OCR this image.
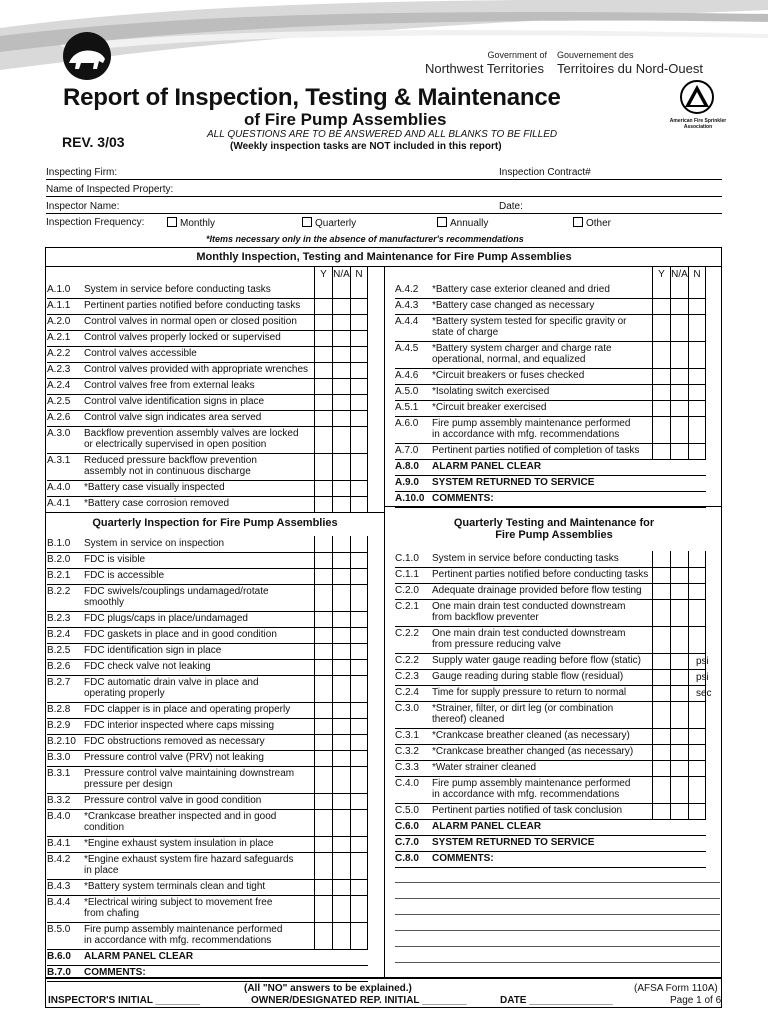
Government of
Northwest Territories
Gouvernement des
Territoires du Nord-Ouest
Report of Inspection, Testing & Maintenance
of Fire Pump Assemblies
REV. 3/03	ALL QUESTIONS ARE TO BE ANSWERED AND ALL BLANKS TO BE FILLED
(Weekly inspection tasks are NOT included in this report)
American Fire Sprinkler Association
Inspecting Firm:	Inspection Contract#
Name of Inspected Property:
Inspector Name:	Date:
Inspection Frequency:	Monthly	Quarterly	Annually	Other
*Items necessary only in the absence of manufacturer's recommendations
Monthly Inspection, Testing and Maintenance for Fire Pump Assemblies
Y N/A N
A.1.0 System in service before conducting tasks
A.1.1 Pertinent parties notified before conducting tasks
A.2.0 Control valves in normal open or closed position
A.2.1 Control valves properly locked or supervised
A.2.2 Control valves accessible
A.2.3 Control valves provided with appropriate wrenches
A.2.4 Control valves free from external leaks
A.2.5 Control valve identification signs in place
A.2.6 Control valve sign indicates area served
A.3.0 Backflow prevention assembly valves are locked
or electrically supervised in open position
A.3.1 Reduced pressure backflow prevention
assembly not in continuous discharge
A.4.0 *Battery case visually inspected
A.4.1 *Battery case corrosion removed
Y N/A N
A.4.2 *Battery case exterior cleaned and dried
A.4.3 *Battery case changed as necessary
A.4.4 *Battery system tested for specific gravity or
state of charge
A.4.5 *Battery system charger and charge rate
operational, normal, and equalized
A.4.6 *Circuit breakers or fuses checked
A.5.0 *Isolating switch exercised
A.5.1 *Circuit breaker exercised
A.6.0 Fire pump assembly maintenance performed
in accordance with mfg. recommendations
A.7.0 Pertinent parties notified of completion of tasks
A.8.0 ALARM PANEL CLEAR
A.9.0 SYSTEM RETURNED TO SERVICE
A.10.0 COMMENTS:
Quarterly Inspection for Fire Pump Assemblies	Quarterly Testing and Maintenance for
Fire Pump Assemblies
B.1.0 System in service on inspection
B.2.0 FDC is visible
B.2.1 FDC is accessible
B.2.2 FDC swivels/couplings undamaged/rotate
smoothly
B.2.3 FDC plugs/caps in place/undamaged
B.2.4 FDC gaskets in place and in good condition
B.2.5 FDC identification sign in place
B.2.6 FDC check valve not leaking
B.2.7 FDC automatic drain valve in place and
operating properly
B.2.8 FDC clapper is in place and operating properly
B.2.9 FDC interior inspected where caps missing
B.2.10 FDC obstructions removed as necessary
B.3.0 Pressure control valve (PRV) not leaking
B.3.1 Pressure control valve maintaining downstream
pressure per design
B.3.2 Pressure control valve in good condition
B.4.0 *Crankcase breather inspected and in good
condition
B.4.1 *Engine exhaust system insulation in place
B.4.2 *Engine exhaust system fire hazard safeguards
in place
B.4.3 *Battery system terminals clean and tight
B.4.4 *Electrical wiring subject to movement free
from chafing
B.5.0 Fire pump assembly maintenance performed
in accordance with mfg. recommendations
B.6.0 ALARM PANEL CLEAR
B.7.0 COMMENTS:
C.1.0 System in service before conducting tasks
C.1.1 Pertinent parties notified before conducting tasks
C.2.0 Adequate drainage provided before flow testing
C.2.1 One main drain test conducted downstream
from backflow preventer
C.2.2 One main drain test conducted downstream
from pressure reducing valve
C.2.2 Supply water gauge reading before flow (static)	psi
C.2.3 Gauge reading during stable flow (residual)	psi
C.2.4 Time for supply pressure to return to normal	sec
C.3.0 *Strainer, filter, or dirt leg (or combination
thereof) cleaned
C.3.1 *Crankcase breather cleaned (as necessary)
C.3.2 *Crankcase breather changed (as necessary)
C.3.3 *Water strainer cleaned
C.4.0 Fire pump assembly maintenance performed
in accordance with mfg. recommendations
C.5.0 Pertinent parties notified of task conclusion
C.6.0 ALARM PANEL CLEAR
C.7.0 SYSTEM RETURNED TO SERVICE
C.8.0 COMMENTS:
(All "NO" answers to be explained.)
INSPECTOR'S INITIAL ________	OWNER/DESIGNATED REP. INITIAL ________	DATE _______________
(AFSA Form 110A)
Page 1 of 6
